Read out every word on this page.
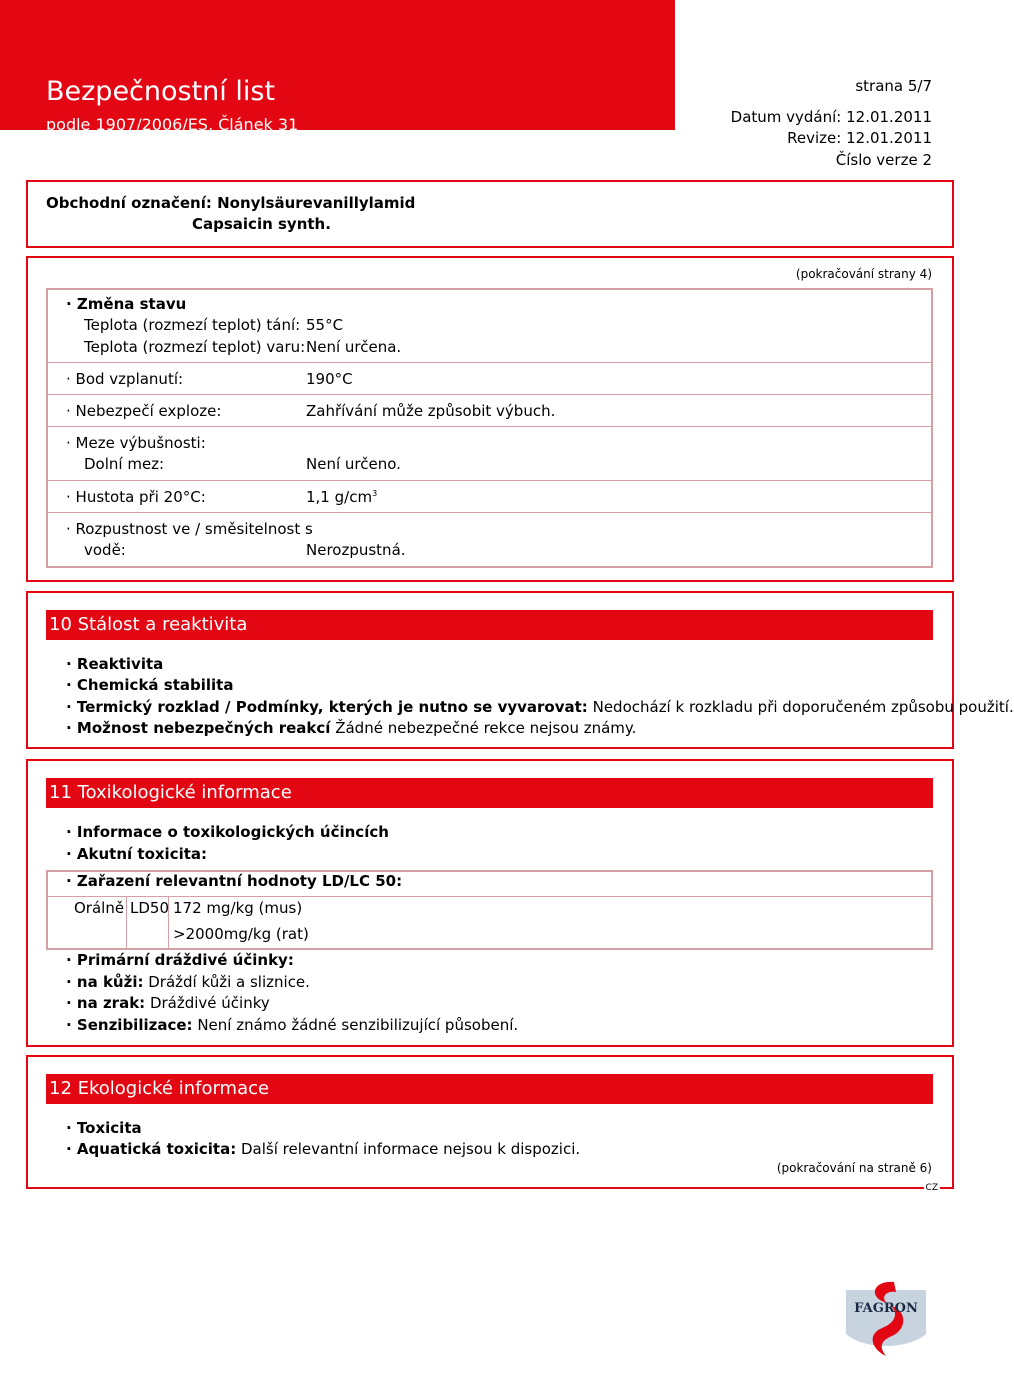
Bezpečnostní list
podle 1907/2006/ES, Článek 31
strana 5/7
Datum vydání: 12.01.2011
Revize: 12.01.2011
Číslo verze 2
Obchodní označení: Nonylsäurevanillylamid
Capsaicin synth.
(pokračování strany 4)
· Změna stavu
Teplota (rozmezí teplot) tání: 55°C
Teplota (rozmezí teplot) varu: Není určena.
· Bod vzplanutí:	190°C
· Nebezpečí exploze:	Zahřívání může způsobit výbuch.
· Meze výbušnosti:
Dolní mez:	Není určeno.
· Hustota při 20°C:	1,1 $g/cm^3$
· Rozpustnost ve / směsitelnost s
vodě:	Nerozpustná.
10 Stálost a reaktivita
· Reaktivita
· Chemická stabilita
· Termický rozklad / Podmínky, kterých je nutno se vyvarovat: Nedochází k rozkladu při doporučeném způsobu použití.
· Možnost nebezpečných reakcí Žádné nebezpečné rekce nejsou známy.
11 Toxikologické informace
· Informace o toxikologických účincích
· Akutní toxicita:
· Zařazení relevantní hodnoty LD/LC 50:
Orálně LD50 172 mg/kg (mus)
>2000mg/kg (rat)
· Primární dráždivé účinky:
· na kůži: Dráždí kůži a sliznice.
· na zrak: Dráždivé účinky
· Senzibilizace: Není známo žádné senzibilizující působení.
12 Ekologické informace
· Toxicita
· Aquatická toxicita: Další relevantní informace nejsou k dispozici.
(pokračování na straně 6)
CZ
FAGRON
